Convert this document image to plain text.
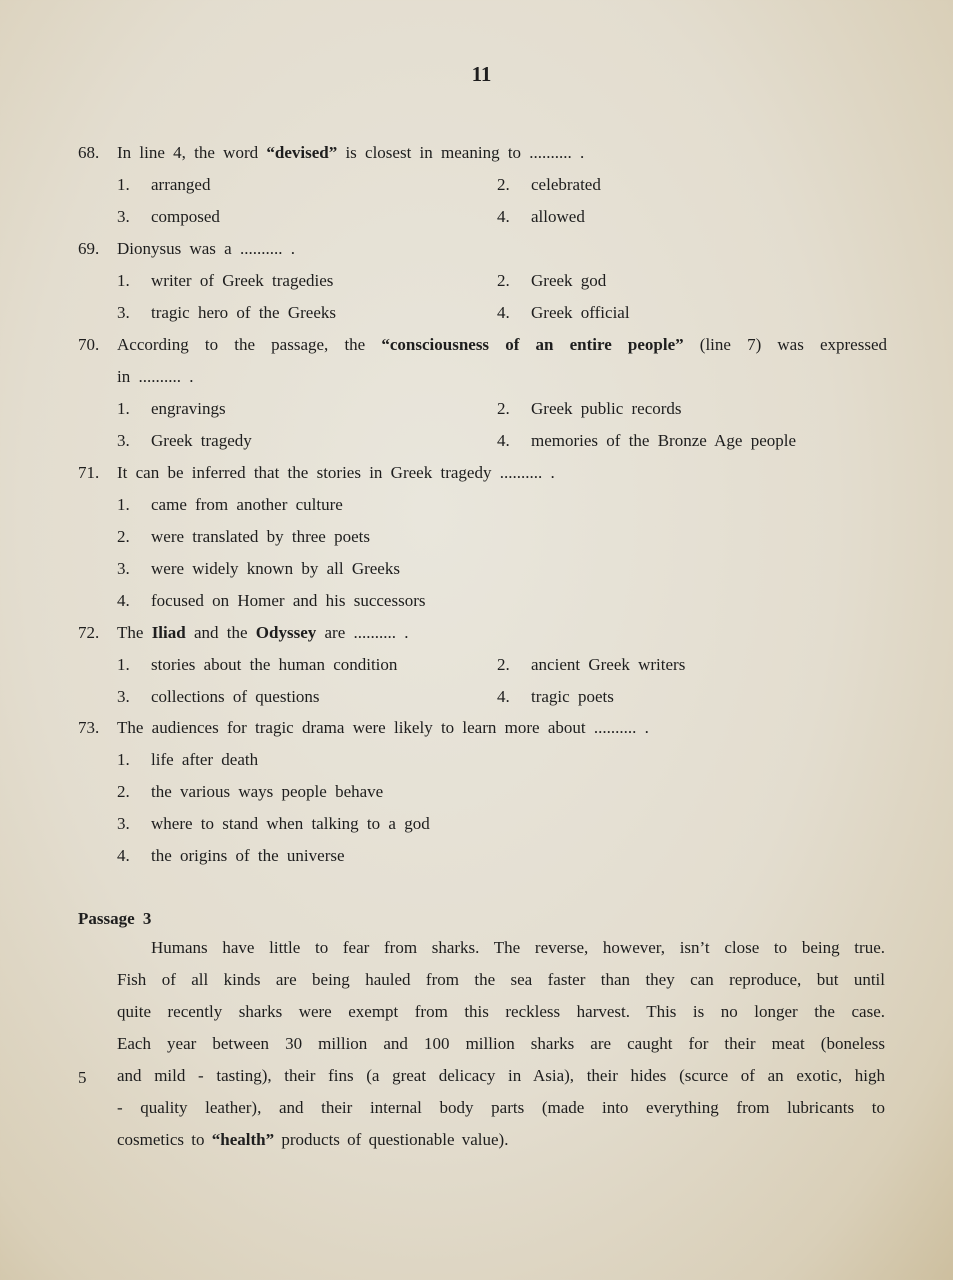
11
68. In line 4, the word “devised” is closest in meaning to .......... .
1. arranged	2. celebrated
3. composed	4. allowed
69. Dionysus was a .......... .
1. writer of Greek tragedies	2. Greek god
3. tragic hero of the Greeks	4. Greek official
70. According to the passage, the “consciousness of an entire people” (line 7) was expressed
in .......... .
1. engravings	2. Greek public records
3. Greek tragedy	4. memories of the Bronze Age people
71. It can be inferred that the stories in Greek tragedy .......... .
1. came from another culture
2. were translated by three poets
3. were widely known by all Greeks
4. focused on Homer and his successors
72. The Iliad and the Odyssey are .......... .
1. stories about the human condition	2. ancient Greek writers
3. collections of questions	4. tragic poets
73. The audiences for tragic drama were likely to learn more about .......... .
1. life after death
2. the various ways people behave
3. where to stand when talking to a god
4. the origins of the universe
Passage 3
Humans have little to fear from sharks. The reverse, however, isn’t close to being true.
Fish of all kinds are being hauled from the sea faster than they can reproduce, but until
quite recently sharks were exempt from this reckless harvest. This is no longer the case.
Each year between 30 million and 100 million sharks are caught for their meat (boneless
5 and mild - tasting), their fins (a great delicacy in Asia), their hides (scurce of an exotic, high
- quality leather), and their internal body parts (made into everything from lubricants to
cosmetics to “health” products of questionable value).
